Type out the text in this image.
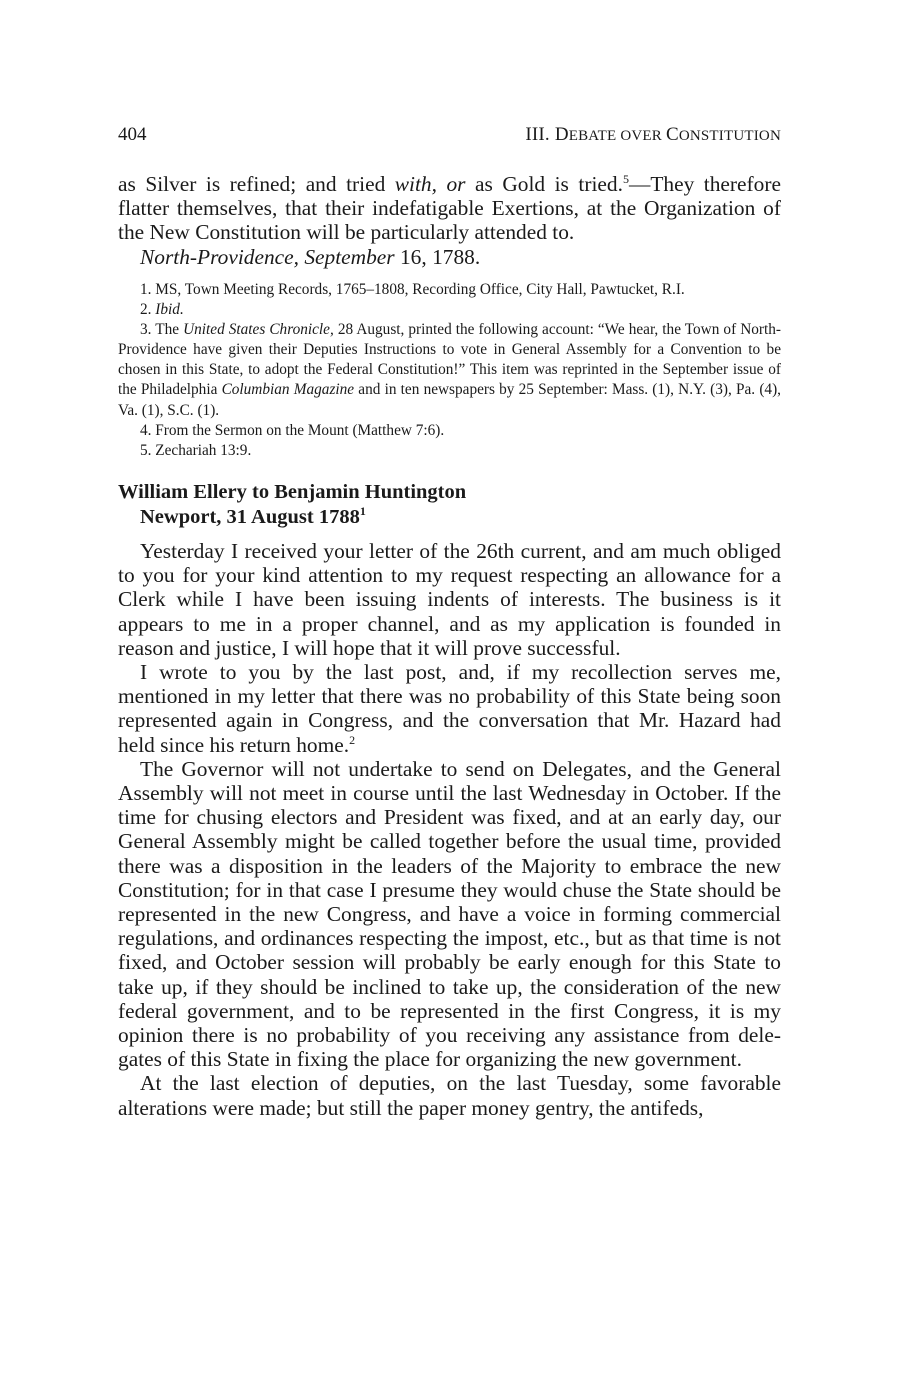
404	III. DEBATE OVER CONSTITUTION

as Silver is refined; and tried with, or as Gold is tried.$^5$—They therefore flatter themselves, that their indefatigable Exertions, at the Organization of the New Constitution will be particularly attended to.

North-Providence, September 16, 1788.

1. MS, Town Meeting Records, 1765–1808, Recording Office, City Hall, Pawtucket, R.I.

2. Ibid.

3. The United States Chronicle, 28 August, printed the following account: “We hear, the Town of North-Providence have given their Deputies Instructions to vote in General Assembly for a Convention to be chosen in this State, to adopt the Federal Constitution!” This item was reprinted in the September issue of the Philadelphia Columbian Magazine and in ten newspapers by 25 September: Mass. (1), N.Y. (3), Pa. (4), Va. (1), S.C. (1).

4. From the Sermon on the Mount (Matthew 7:6).

5. Zechariah 13:9.

William Ellery to Benjamin Huntington
Newport, 31 August 1788$^1$

Yesterday I received your letter of the 26th current, and am much obliged to you for your kind attention to my request respecting an allowance for a Clerk while I have been issuing indents of interests. The business is it appears to me in a proper channel, and as my application is founded in reason and justice, I will hope that it will prove successful.

I wrote to you by the last post, and, if my recollection serves me, mentioned in my letter that there was no probability of this State being soon represented again in Congress, and the conversation that Mr. Hazard had held since his return home.$^2$

The Governor will not undertake to send on Delegates, and the General Assembly will not meet in course until the last Wednesday in October. If the time for chusing electors and President was fixed, and at an early day, our General Assembly might be called together before the usual time, provided there was a disposition in the leaders of the Majority to embrace the new Constitution; for in that case I presume they would chuse the State should be represented in the new Congress, and have a voice in forming commercial regulations, and ordinances respecting the impost, etc., but as that time is not fixed, and October session will probably be early enough for this State to take up, if they should be inclined to take up, the consideration of the new federal government, and to be represented in the first Congress, it is my opinion there is no probability of you receiving any assistance from delegates of this State in fixing the place for organizing the new government.

At the last election of deputies, on the last Tuesday, some favorable alterations were made; but still the paper money gentry, the antifeds,
